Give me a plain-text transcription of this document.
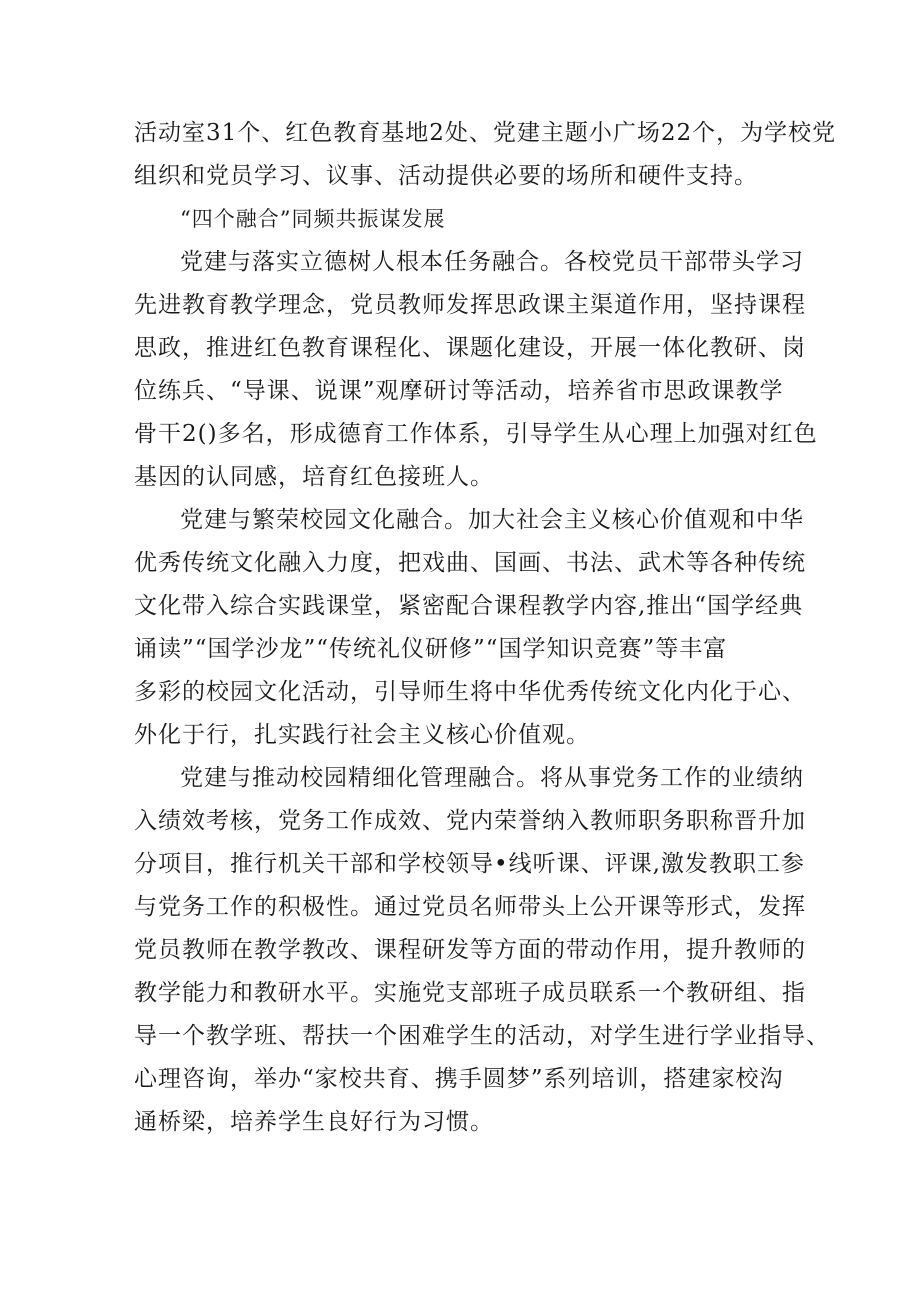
活动室31个、红色教育基地2处、党建主题小广场22个，为学校党
组织和党员学习、议事、活动提供必要的场所和硬件支持。
“四个融合”同频共振谋发展
党建与落实立德树人根本任务融合。各校党员干部带头学习
先进教育教学理念，党员教师发挥思政课主渠道作用，坚持课程
思政，推进红色教育课程化、课题化建设，开展一体化教研、岗
位练兵、“导课、说课”观摩研讨等活动，培养省市思政课教学
骨干2()多名，形成德育工作体系，引导学生从心理上加强对红色
基因的认同感，培育红色接班人。
党建与繁荣校园文化融合。加大社会主义核心价值观和中华
优秀传统文化融入力度，把戏曲、国画、书法、武术等各种传统
文化带入综合实践课堂，紧密配合课程教学内容,推出“国学经典
诵读”“国学沙龙”“传统礼仪研修”“国学知识竞赛”等丰富
多彩的校园文化活动，引导师生将中华优秀传统文化内化于心、
外化于行，扎实践行社会主义核心价值观。
党建与推动校园精细化管理融合。将从事党务工作的业绩纳
入绩效考核，党务工作成效、党内荣誉纳入教师职务职称晋升加
分项目，推行机关干部和学校领导•线听课、评课,激发教职工参
与党务工作的积极性。通过党员名师带头上公开课等形式，发挥
党员教师在教学教改、课程研发等方面的带动作用，提升教师的
教学能力和教研水平。实施党支部班子成员联系一个教研组、指
导一个教学班、帮扶一个困难学生的活动，对学生进行学业指导、
心理咨询，举办“家校共育、携手圆梦”系列培训，搭建家校沟
通桥梁，培养学生良好行为习惯。
